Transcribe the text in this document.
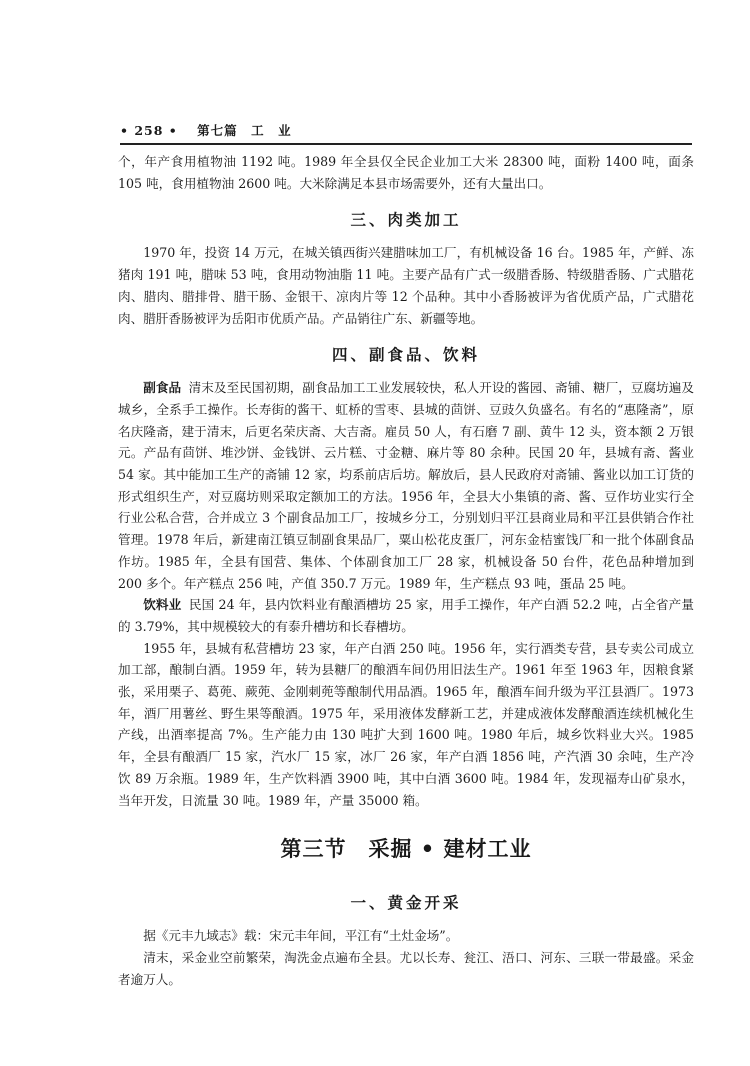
• 258 • 第七篇　工　业

个，年产食用植物油 1192 吨。1989 年全县仅全民企业加工大米 28300 吨，面粉 1400 吨，面条 105 吨，食用植物油 2600 吨。大米除满足本县市场需要外，还有大量出口。

三、肉类加工

1970 年，投资 14 万元，在城关镇西街兴建腊味加工厂，有机械设备 16 台。1985 年，产鲜、冻猪肉 191 吨，腊味 53 吨，食用动物油脂 11 吨。主要产品有广式一级腊香肠、特级腊香肠、广式腊花肉、腊肉、腊排骨、腊干肠、金银干、凉肉片等 12 个品种。其中小香肠被评为省优质产品，广式腊花肉、腊肝香肠被评为岳阳市优质产品。产品销往广东、新疆等地。

四、副食品、饮料

副食品 清末及至民国初期，副食品加工工业发展较快，私人开设的酱园、斋铺、糖厂，豆腐坊遍及城乡，全系手工操作。长寿街的酱干、虹桥的雪枣、县城的茴饼、豆豉久负盛名。有名的“惠隆斋”，原名庆隆斋，建于清末，后更名荣庆斋、大吉斋。雇员 50 人，有石磨 7 副、黄牛 12 头，资本额 2 万银元。产品有茴饼、堆沙饼、金钱饼、云片糕、寸金糖、麻片等 80 余种。民国 20 年，县城有斋、酱业 54 家。其中能加工生产的斋铺 12 家，均系前店后坊。解放后，县人民政府对斋铺、酱业以加工订货的形式组织生产，对豆腐坊则采取定额加工的方法。1956 年，全县大小集镇的斋、酱、豆作坊业实行全行业公私合营，合并成立 3 个副食品加工厂，按城乡分工，分别划归平江县商业局和平江县供销合作社管理。1978 年后，新建南江镇豆制副食果品厂，粟山松花皮蛋厂，河东金桔蜜饯厂和一批个体副食品作坊。1985 年，全县有国营、集体、个体副食加工厂 28 家，机械设备 50 台件，花色品种增加到 200 多个。年产糕点 256 吨，产值 350.7 万元。1989 年，生产糕点 93 吨，蛋品 25 吨。

饮料业 民国 24 年，县内饮料业有酿酒槽坊 25 家，用手工操作，年产白酒 52.2 吨，占全省产量的 3.79%，其中规模较大的有泰升槽坊和长春槽坊。

1955 年，县城有私营槽坊 23 家，年产白酒 250 吨。1956 年，实行酒类专营，县专卖公司成立加工部，酿制白酒。1959 年，转为县糖厂的酿酒车间仍用旧法生产。1961 年至 1963 年，因粮食紧张，采用栗子、葛蔸、蕨蔸、金刚刺蔸等酿制代用品酒。1965 年，酿酒车间升级为平江县酒厂。1973 年，酒厂用薯丝、野生果等酿酒。1975 年，采用液体发酵新工艺，并建成液体发酵酿酒连续机械化生产线，出酒率提高 7%。生产能力由 130 吨扩大到 1600 吨。1980 年后，城乡饮料业大兴。1985 年，全县有酿酒厂 15 家，汽水厂 15 家，冰厂 26 家，年产白酒 1856 吨，产汽酒 30 余吨，生产冷饮 89 万余瓶。1989 年，生产饮料酒 3900 吨，其中白酒 3600 吨。1984 年，发现福寿山矿泉水，当年开发，日流量 30 吨。1989 年，产量 35000 箱。

第三节　采掘 • 建材工业
一、黄金开采

据《元丰九域志》载：宋元丰年间，平江有“土灶金场”。

清末，采金业空前繁荣，淘洗金点遍布全县。尤以长寿、瓮江、浯口、河东、三联一带最盛。采金者逾万人。
